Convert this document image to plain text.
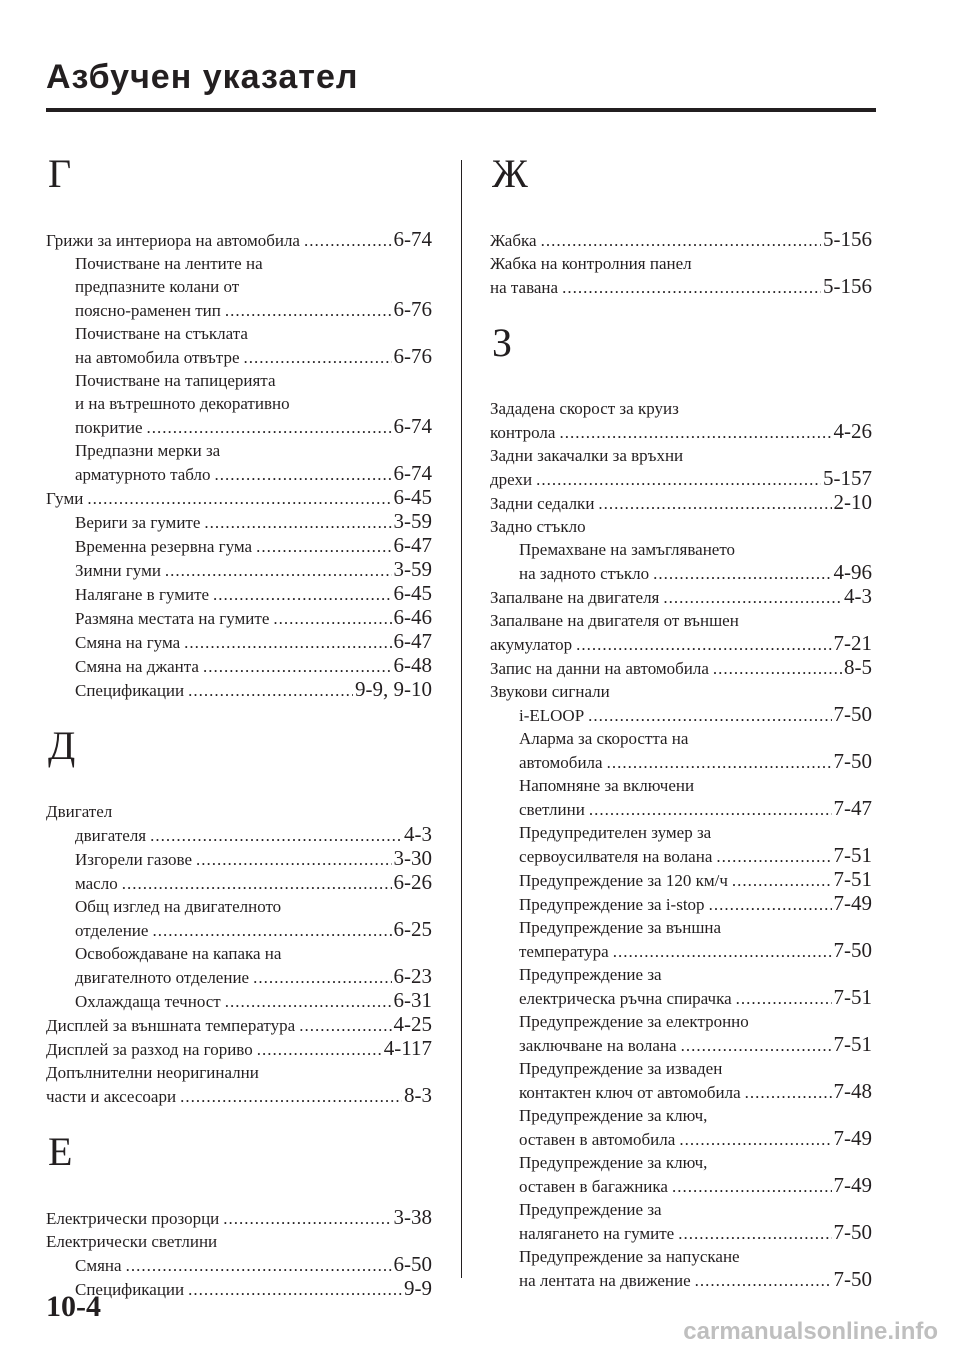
Азбучен указател
Г
Грижи за интериора на автомобила .....	6-74
Почистване на лентите на
предпазните колани от
поясно-раменен тип .....	6-76
Почистване на стъклата
на автомобила отвътре .....	6-76
Почистване на тапицерията
и на вътрешното декоративно
покритие .....	6-74
Предпазни мерки за
арматурното табло .....	6-74
Гуми .....	6-45
Вериги за гумите .....	3-59
Временна резервна гума .....	6-47
Зимни гуми .....	3-59
Налягане в гумите .....	6-45
Размяна местата на гумите .....	6-46
Смяна на гума .....	6-47
Смяна на джанта .....	6-48
Спецификации .....	9-9, 9-10
Д
Двигател
двигателя .....	4-3
Изгорели газове .....	3-30
масло .....	6-26
Общ изглед на двигателното
отделение .....	6-25
Освобождаване на капака на
двигателното отделение .....	6-23
Охлаждаща течност .....	6-31
Дисплей за външната температура .....	4-25
Дисплей за разход на гориво .....	4-117
Допълнителни неоригинални
части и аксесоари .....	8-3
Е
Електрически прозорци .....	3-38
Електрически светлини
Смяна .....	6-50
Спецификации .....	9-9
Ж
Жабка .....	5-156
Жабка на контролния панел
на тавана .....	5-156
З
Зададена скорост за круиз
контрола .....	4-26
Задни закачалки за връхни
дрехи .....	5-157
Задни седалки .....	2-10
Задно стъкло
Премахване на замъгляването
на задното стъкло .....	4-96
Запалване на двигателя .....	4-3
Запалване на двигателя от външен
акумулатор .....	7-21
Запис на данни на автомобила .....	8-5
Звукови сигнали
i-ELOOP .....	7-50
Аларма за скоростта на
автомобила .....	7-50
Напомняне за включени
светлини .....	7-47
Предупредителен зумер за
сервоусилвателя на волана .....	7-51
Предупреждение за 120 км/ч .....	7-51
Предупреждение за i-stop .....	7-49
Предупреждение за външна
температура .....	7-50
Предупреждение за
електрическа ръчна спирачка .....	7-51
Предупреждение за електронно
заключване на волана .....	7-51
Предупреждение за изваден
контактен ключ от автомобила .....	7-48
Предупреждение за ключ,
оставен в автомобила .....	7-49
Предупреждение за ключ,
оставен в багажника .....	7-49
Предупреждение за
налягането на гумите .....	7-50
Предупреждение за напускане
на лентата на движение .....	7-50
10-4
carmanualsonline.info
